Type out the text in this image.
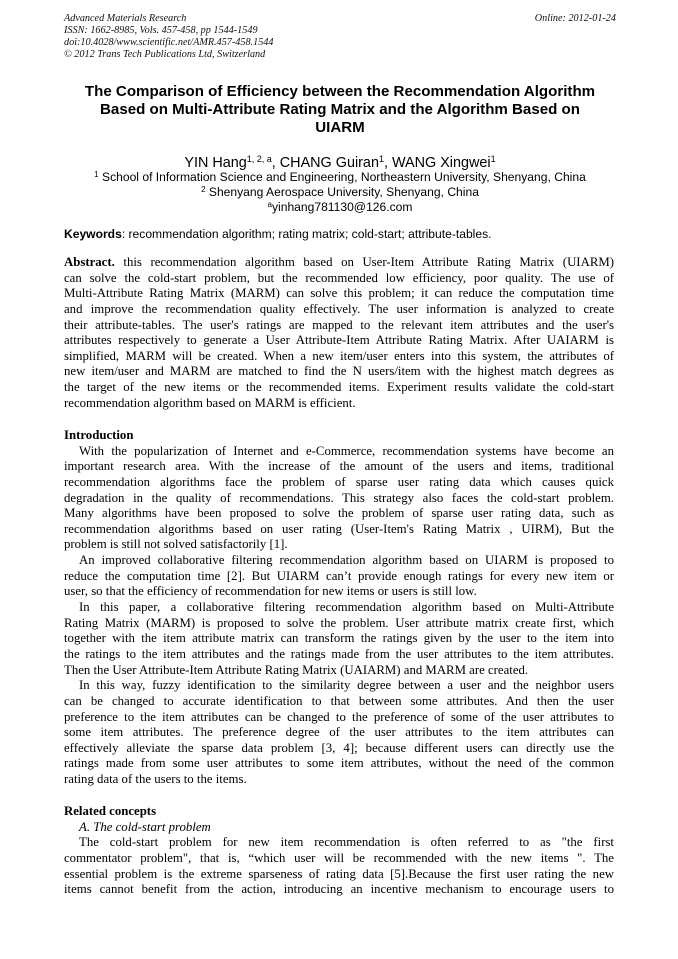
Advanced Materials Research
ISSN: 1662-8985, Vols. 457-458, pp 1544-1549
doi:10.4028/www.scientific.net/AMR.457-458.1544
© 2012 Trans Tech Publications Ltd, Switzerland
Online: 2012-01-24
The Comparison of Efficiency between the Recommendation Algorithm
Based on Multi-Attribute Rating Matrix and the Algorithm Based on
UIARM
YIN Hang$^{1, 2, a}$, CHANG Guiran$^1$, WANG Xingwei$^1$
$^1$ School of Information Science and Engineering, Northeastern University, Shenyang, China
$^2$ Shenyang Aerospace University, Shenyang, China
$^a$yinhang781130@126.com
Keywords: recommendation algorithm; rating matrix; cold-start; attribute-tables.
Abstract. this recommendation algorithm based on User-Item Attribute Rating Matrix (UIARM)
can solve the cold-start problem, but the recommended low efficiency, poor quality. The use of
Multi-Attribute Rating Matrix (MARM) can solve this problem; it can reduce the computation time
and improve the recommendation quality effectively. The user information is analyzed to create
their attribute-tables. The user's ratings are mapped to the relevant item attributes and the user's
attributes respectively to generate a User Attribute-Item Attribute Rating Matrix. After UAIARM is
simplified, MARM will be created. When a new item/user enters into this system, the attributes of
new item/user and MARM are matched to find the N users/item with the highest match degrees as
the target of the new items or the recommended items. Experiment results validate the cold-start
recommendation algorithm based on MARM is efficient.
Introduction
With the popularization of Internet and e-Commerce, recommendation systems have become an
important research area. With the increase of the amount of the users and items, traditional
recommendation algorithms face the problem of sparse user rating data which causes quick
degradation in the quality of recommendations. This strategy also faces the cold-start problem.
Many algorithms have been proposed to solve the problem of sparse user rating data, such as
recommendation algorithms based on user rating (User-Item's Rating Matrix , UIRM), But the
problem is still not solved satisfactorily [1].
An improved collaborative filtering recommendation algorithm based on UIARM is proposed to
reduce the computation time [2]. But UIARM can’t provide enough ratings for every new item or
user, so that the efficiency of recommendation for new items or users is still low.
In this paper, a collaborative filtering recommendation algorithm based on Multi-Attribute
Rating Matrix (MARM) is proposed to solve the problem. User attribute matrix create first, which
together with the item attribute matrix can transform the ratings given by the user to the item into
the ratings to the item attributes and the ratings made from the user attributes to the item attributes.
Then the User Attribute-Item Attribute Rating Matrix (UAIARM) and MARM are created.
In this way, fuzzy identification to the similarity degree between a user and the neighbor users
can be changed to accurate identification to that between some attributes. And then the user
preference to the item attributes can be changed to the preference of some of the user attributes to
some item attributes. The preference degree of the user attributes to the item attributes can
effectively alleviate the sparse data problem [3, 4]; because different users can directly use the
ratings made from some user attributes to some item attributes, without the need of the common
rating data of the users to the items.
Related concepts
A. The cold-start problem
The cold-start problem for new item recommendation is often referred to as "the first
commentator problem", that is, “which user will be recommended with the new items ". The
essential problem is the extreme sparseness of rating data [5].Because the first user rating the new
items cannot benefit from the action, introducing an incentive mechanism to encourage users to
